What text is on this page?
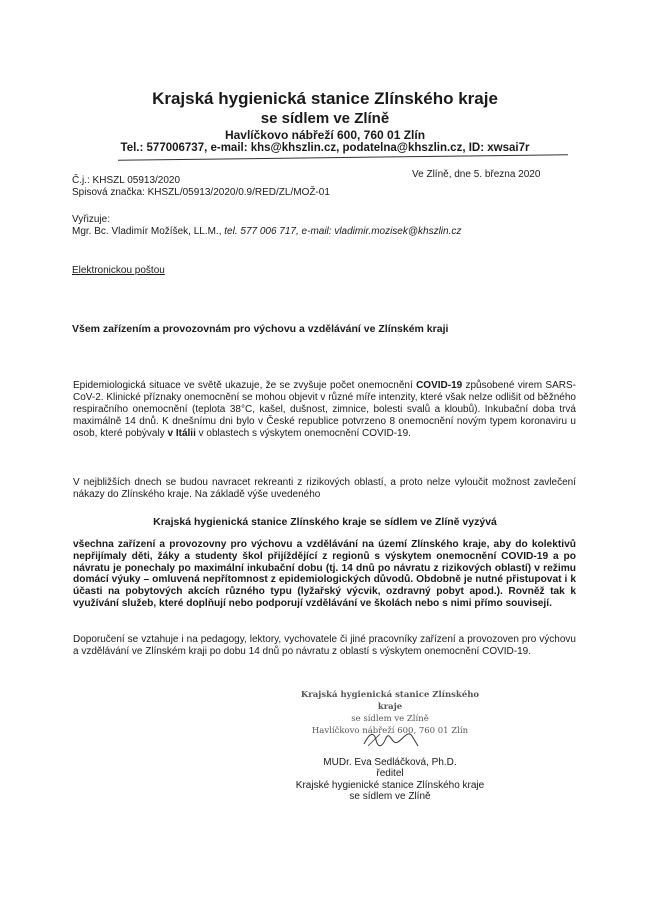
Krajská hygienická stanice Zlínského kraje
se sídlem ve Zlíně
Havlíčkovo nábřeží 600, 760 01 Zlín
Tel.: 577006737, e-mail: khs@khszlin.cz, podatelna@khszlin.cz, ID: xwsai7r
Č.j.: KHSZL 05913/2020
Spisová značka: KHSZL/05913/2020/0.9/RED/ZL/MOŽ-01
Ve Zlíně, dne 5. března 2020
Vyřizuje:
Mgr. Bc. Vladimír Možíšek, LL.M., tel. 577 006 717, e-mail: vladimir.mozisek@khszlin.cz
Elektronickou poštou
Všem zařízením a provozovnám pro výchovu a vzdělávání ve Zlínském kraji
Epidemiologická situace ve světě ukazuje, že se zvyšuje počet onemocnění COVID-19 způsobené virem SARS-CoV-2. Klinické příznaky onemocnění se mohou objevit v různé míře intenzity, které však nelze odlišit od běžného respiračního onemocnění (teplota 38°C, kašel, dušnost, zimnice, bolesti svalů a kloubů). Inkubační doba trvá maximálně 14 dnů. K dnešnímu dni bylo v České republice potvrzeno 8 onemocnění novým typem koronaviru u osob, které pobývaly v Itálii v oblastech s výskytem onemocnění COVID-19.
V nejbližších dnech se budou navracet rekreanti z rizikových oblastí, a proto nelze vyloučit možnost zavlečení nákazy do Zlínského kraje. Na základě výše uvedeného
Krajská hygienická stanice Zlínského kraje se sídlem ve Zlíně vyzývá
všechna zařízení a provozovny pro výchovu a vzdělávání na území Zlínského kraje, aby do kolektivů nepřijímaly děti, žáky a studenty škol přijíždějící z regionů s výskytem onemocnění COVID-19 a po návratu je ponechaly po maximální inkubační dobu (tj. 14 dnů po návratu z rizikových oblastí) v režimu domácí výuky – omluvená nepřítomnost z epidemiologických důvodů. Obdobně je nutné přistupovat i k účasti na pobytových akcích různého typu (lyžařský výcvik, ozdravný pobyt apod.). Rovněž tak k využívání služeb, které doplňují nebo podporují vzdělávání ve školách nebo s nimi přímo souvisejí.
Doporučení se vztahuje i na pedagogy, lektory, vychovatele či jiné pracovníky zařízení a provozoven pro výchovu a vzdělávání ve Zlínském kraji po dobu 14 dnů po návratu z oblastí s výskytem onemocnění COVID-19.
Krajská hygienická stanice Zlínského kraje
se sídlem ve Zlíně
Havlíčkovo nábřeží 600, 760 01 Zlín
MUDr. Eva Sedláčková, Ph.D.
ředitel
Krajské hygienické stanice Zlínského kraje
se sídlem ve Zlíně
